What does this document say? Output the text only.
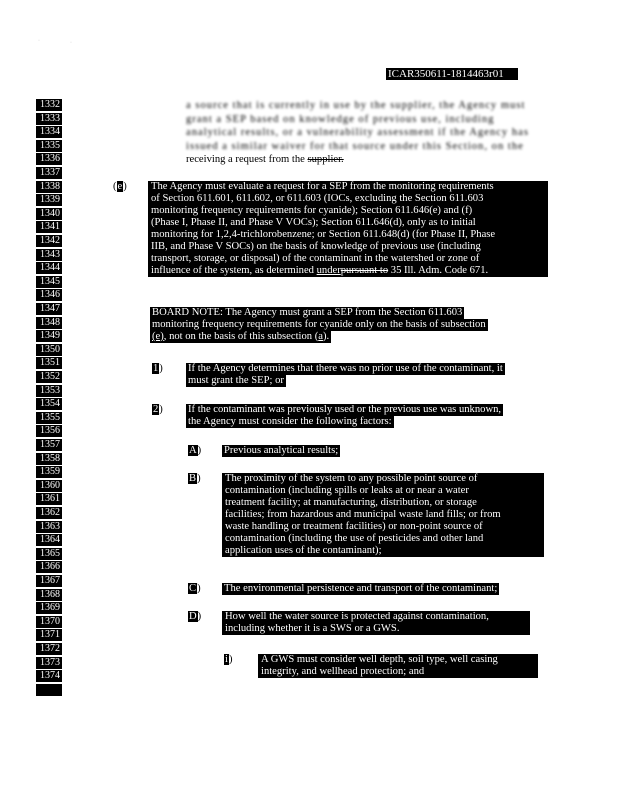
·	·
ICAR350611-1814463r01
1332
1333
1334
1335
1336
1337
1338
1339
1340
1341
1342
1343
1344
1345
1346
1347
1348
1349
1350
1351
1352
1353
1354
1355
1356
1357
1358
1359
1360
1361
1362
1363
1364
1365
1366
1367
1368
1369
1370
1371
1372
1373
1374
a source that is currently in use by the supplier, the Agency must
grant a SEP based on knowledge of previous use, including
analytical results, or a vulnerability assessment if the Agency has
issued a similar waiver for that source under this Section, on the
receiving a request from the supplier.
(e) The Agency must evaluate a request for a SEP from the monitoring requirements
of Section 611.601, 611.602, or 611.603 (IOCs, excluding the Section 611.603
monitoring frequency requirements for cyanide); Section 611.646(e) and (f)
(Phase I, Phase II, and Phase V VOCs); Section 611.646(d), only as to initial
monitoring for 1,2,4-trichlorobenzene; or Section 611.648(d) (for Phase II, Phase
IIB, and Phase V SOCs) on the basis of knowledge of previous use (including
transport, storage, or disposal) of the contaminant in the watershed or zone of
influence of the system, as determined underpursuant to 35 Ill. Adm. Code 671.
BOARD NOTE: The Agency must grant a SEP from the Section 611.603
monitoring frequency requirements for cyanide only on the basis of subsection
(e), not on the basis of this subsection (a).
1) If the Agency determines that there was no prior use of the contaminant, it
must grant the SEP; or
2) If the contaminant was previously used or the previous use was unknown,
the Agency must consider the following factors:
A) Previous analytical results;
B) The proximity of the system to any possible point source of
contamination (including spills or leaks at or near a water
treatment facility; at manufacturing, distribution, or storage
facilities; from hazardous and municipal waste land fills; or from
waste handling or treatment facilities) or non-point source of
contamination (including the use of pesticides and other land
application uses of the contaminant);
C) The environmental persistence and transport of the contaminant;
D) How well the water source is protected against contamination,
including whether it is a SWS or a GWS.
i)	A GWS must consider well depth, soil type, well casing
integrity, and wellhead protection; and
